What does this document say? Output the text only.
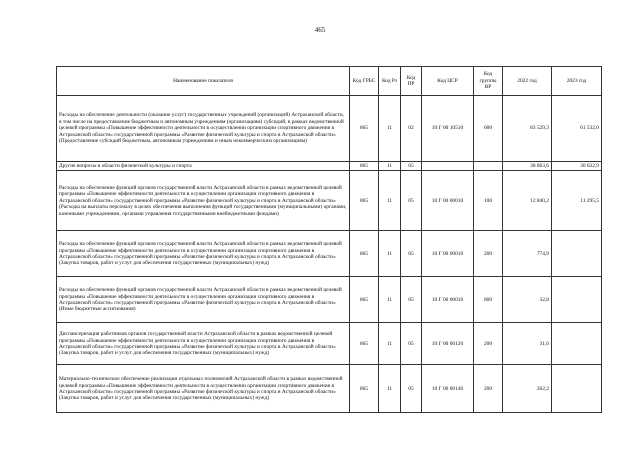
465
Наименование показателя	Код ГРБС	Код Рз	Код ПР	Код ЦСР	Код группы ВР	2022 год	2023 год
Расходы на обеспечение деятельности (оказание услуг) государственных учреждений (организаций) Астраханской области, в том числе на предоставление бюджетным и автономным учреждениям (организациям) субсидий, в рамках ведомственной целевой программы «Повышение эффективности деятельности в осуществлении организации спортивного движения в Астраханской области» государственной программы «Развитие физической культуры и спорта в Астраханской области» (Предоставление субсидий бюджетным, автономным учреждениям и иным некоммерческим организациям)	865	11	02	10 Г 00 10510	600	83 529,3	61 532,0
Другие вопросы в области физической культуры и спорта	865	11	05			38 863,6	30 622,9
Расходы на обеспечение функций органов государственной власти Астраханской области в рамках ведомственной целевой программы «Повышение эффективности деятельности в осуществлении организации спортивного движения в Астраханской области» государственной программы «Развитие физической культуры и спорта в Астраханской области» (Расходы на выплаты персоналу в целях обеспечения выполнения функций государственными (муниципальными) органами, казенными учреждениями, органами управления государственными внебюджетными фондами)	865	11	05	10 Г 00 00010	100	12 840,2	11 295,5
Расходы на обеспечение функций органов государственной власти Астраханской области в рамках ведомственной целевой программы «Повышение эффективности деятельности в осуществлении организации спортивного движения в Астраханской области» государственной программы «Развитие физической культуры и спорта в Астраханской области» (Закупка товаров, работ и услуг для обеспечения государственных (муниципальных) нужд)	865	11	05	10 Г 00 00010	200	774,9	
Расходы на обеспечение функций органов государственной власти Астраханской области в рамках ведомственной целевой программы «Повышение эффективности деятельности в осуществлении организации спортивного движения в Астраханской области» государственной программы «Развитие физической культуры и спорта в Астраханской области» (Иные бюджетные ассигнования)	865	11	05	10 Г 00 00010	800	32,8	
Диспансеризация работников органов государственной власти Астраханской области в рамках ведомственной целевой программы «Повышение эффективности деятельности в осуществлении организации спортивного движения в Астраханской области» государственной программы «Развитие физической культуры и спорта в Астраханской области» (Закупка товаров, работ и услуг для обеспечения государственных (муниципальных) нужд)	865	11	05	10 Г 00 00120	200	31,0	
Материально-техническое обеспечение реализации отдельных полномочий Астраханской области в рамках ведомственной целевой программы «Повышение эффективности деятельности в осуществлении организации спортивного движения в Астраханской области» государственной программы «Развитие физической культуры и спорта в Астраханской области» (Закупка товаров, работ и услуг для обеспечения государственных (муниципальных) нужд)	865	11	05	10 Г 00 00140	200	262,2	
